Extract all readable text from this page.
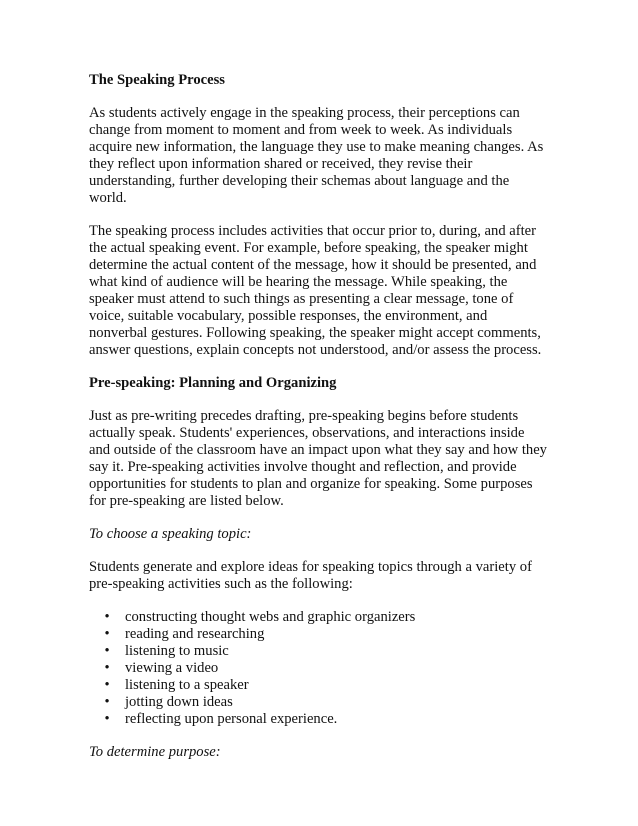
The Speaking Process

As students actively engage in the speaking process, their perceptions can change from moment to moment and from week to week. As individuals acquire new information, the language they use to make meaning changes. As they reflect upon information shared or received, they revise their understanding, further developing their schemas about language and the world.

The speaking process includes activities that occur prior to, during, and after the actual speaking event. For example, before speaking, the speaker might determine the actual content of the message, how it should be presented, and what kind of audience will be hearing the message. While speaking, the speaker must attend to such things as presenting a clear message, tone of voice, suitable vocabulary, possible responses, the environment, and nonverbal gestures. Following speaking, the speaker might accept comments, answer questions, explain concepts not understood, and/or assess the process.

Pre-speaking: Planning and Organizing

Just as pre-writing precedes drafting, pre-speaking begins before students actually speak. Students' experiences, observations, and interactions inside and outside of the classroom have an impact upon what they say and how they say it. Pre-speaking activities involve thought and reflection, and provide opportunities for students to plan and organize for speaking. Some purposes for pre-speaking are listed below.

To choose a speaking topic:

Students generate and explore ideas for speaking topics through a variety of pre-speaking activities such as the following:

• constructing thought webs and graphic organizers
• reading and researching
• listening to music
• viewing a video
• listening to a speaker
• jotting down ideas
• reflecting upon personal experience.
To determine purpose:
